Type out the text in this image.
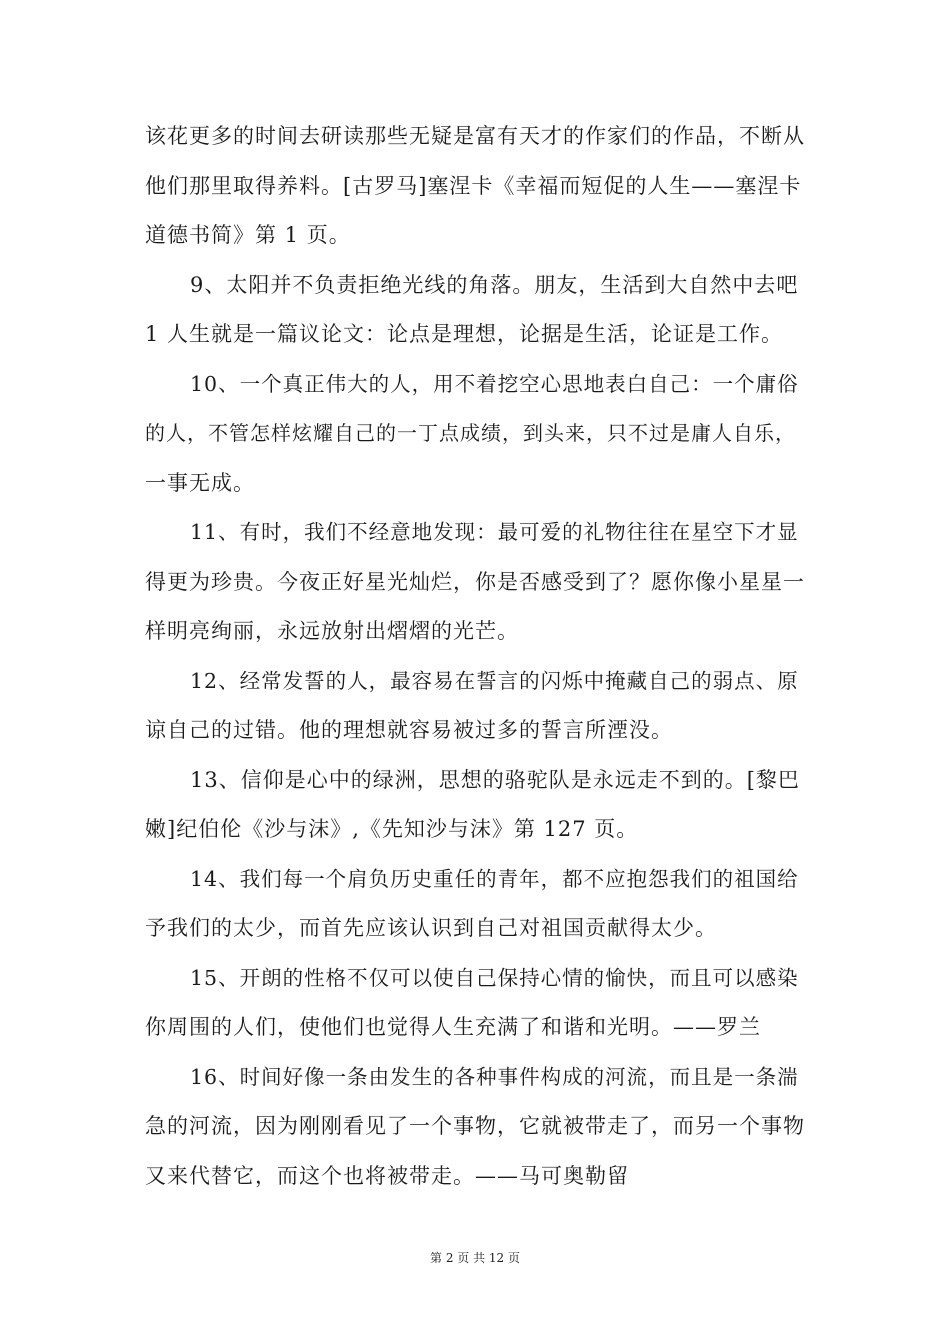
该花更多的时间去研读那些无疑是富有天才的作家们的作品，不断从
他们那里取得养料。[古罗马]塞涅卡《幸福而短促的人生——塞涅卡
道德书简》第 1 页。
9、太阳并不负责拒绝光线的角落。朋友，生活到大自然中去吧
1 人生就是一篇议论文：论点是理想，论据是生活，论证是工作。
10、一个真正伟大的人，用不着挖空心思地表白自己：一个庸俗
的人，不管怎样炫耀自己的一丁点成绩，到头来，只不过是庸人自乐，
一事无成。
11、有时，我们不经意地发现：最可爱的礼物往往在星空下才显
得更为珍贵。今夜正好星光灿烂，你是否感受到了？愿你像小星星一
样明亮绚丽，永远放射出熠熠的光芒。
12、经常发誓的人，最容易在誓言的闪烁中掩藏自己的弱点、原
谅自己的过错。他的理想就容易被过多的誓言所湮没。
13、信仰是心中的绿洲，思想的骆驼队是永远走不到的。[黎巴
嫩]纪伯伦《沙与沫》,《先知沙与沫》第 127 页。
14、我们每一个肩负历史重任的青年，都不应抱怨我们的祖国给
予我们的太少，而首先应该认识到自己对祖国贡献得太少。
15、开朗的性格不仅可以使自己保持心情的愉快，而且可以感染
你周围的人们，使他们也觉得人生充满了和谐和光明。——罗兰
16、时间好像一条由发生的各种事件构成的河流，而且是一条湍
急的河流，因为刚刚看见了一个事物，它就被带走了，而另一个事物
又来代替它，而这个也将被带走。——马可奥勒留
第 2 页 共 12 页
